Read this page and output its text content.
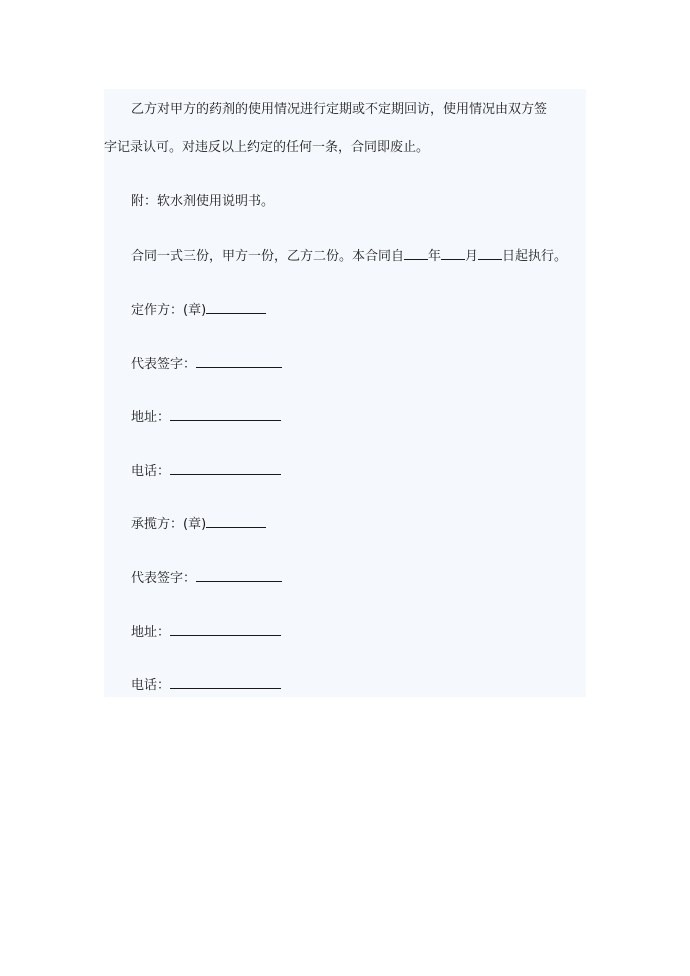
乙方对甲方的药剂的使用情况进行定期或不定期回访，使用情况由双方签
字记录认可。对违反以上约定的任何一条，合同即废止。
附：软水剂使用说明书。
合同一式三份，甲方一份，乙方二份。本合同自 年 月 日起执行。
定作方：(章)
代表签字：
地址：
电话：
承揽方：(章)
代表签字：
地址：
电话：
